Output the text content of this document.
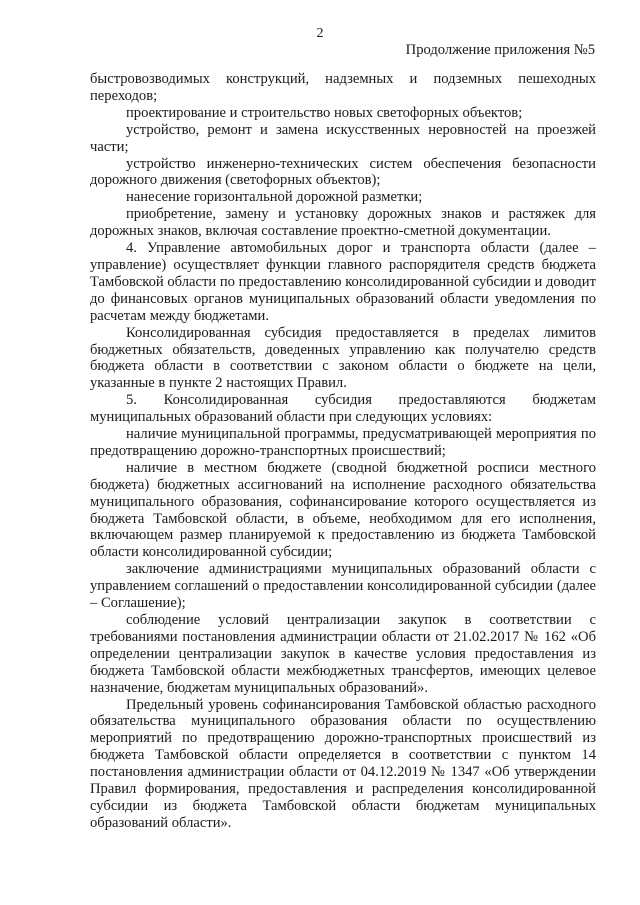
2
Продолжение приложения №5

быстровозводимых конструкций, надземных и подземных пешеходных переходов;

проектирование и строительство новых светофорных объектов;

устройство, ремонт и замена искусственных неровностей на проезжей части;

устройство инженерно-технических систем обеспечения безопасности дорожного движения (светофорных объектов);

нанесение горизонтальной дорожной разметки;

приобретение, замену и установку дорожных знаков и растяжек для дорожных знаков, включая составление проектно-сметной документации.

4. Управление автомобильных дорог и транспорта области (далее – управление) осуществляет функции главного распорядителя средств бюджета Тамбовской области по предоставлению консолидированной субсидии и доводит до финансовых органов муниципальных образований области уведомления по расчетам между бюджетами.

Консолидированная субсидия предоставляется в пределах лимитов бюджетных обязательств, доведенных управлению как получателю средств бюджета области в соответствии с законом области о бюджете на цели, указанные в пункте 2 настоящих Правил.

5. Консолидированная субсидия предоставляются бюджетам муниципальных образований области при следующих условиях:

наличие муниципальной программы, предусматривающей мероприятия по предотвращению дорожно-транспортных происшествий;

наличие в местном бюджете (сводной бюджетной росписи местного бюджета) бюджетных ассигнований на исполнение расходного обязательства муниципального образования, софинансирование которого осуществляется из бюджета Тамбовской области, в объеме, необходимом для его исполнения, включающем размер планируемой к предоставлению из бюджета Тамбовской области консолидированной субсидии;

заключение администрациями муниципальных образований области с управлением соглашений о предоставлении консолидированной субсидии (далее – Соглашение);

соблюдение условий централизации закупок в соответствии с требованиями постановления администрации области от 21.02.2017 № 162 «Об определении централизации закупок в качестве условия предоставления из бюджета Тамбовской области межбюджетных трансфертов, имеющих целевое назначение, бюджетам муниципальных образований».

Предельный уровень софинансирования Тамбовской областью расходного обязательства муниципального образования области по осуществлению мероприятий по предотвращению дорожно-транспортных происшествий из бюджета Тамбовской области определяется в соответствии с пунктом 14 постановления администрации области от 04.12.2019 № 1347 «Об утверждении Правил формирования, предоставления и распределения консолидированной субсидии из бюджета Тамбовской области бюджетам муниципальных образований области».
